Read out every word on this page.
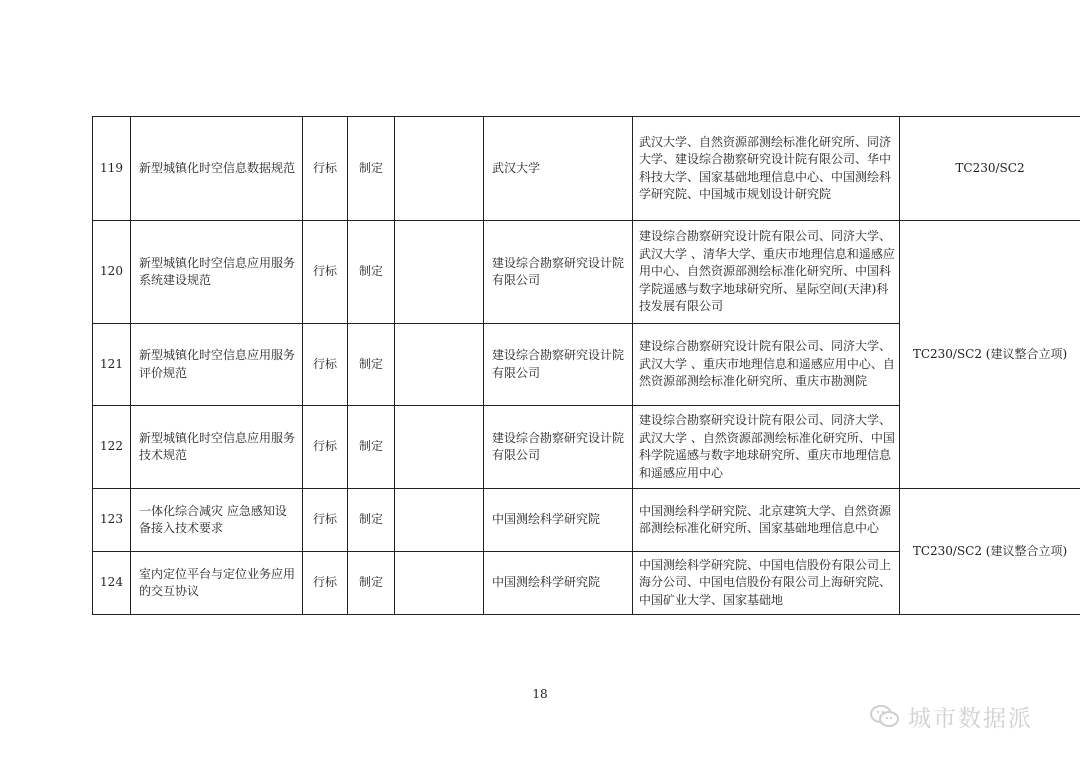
119	新型城镇化时空信息数据规范	行标	制定		武汉大学	武汉大学、自然资源部测绘标准化研究所、同济大学、建设综合勘察研究设计院有限公司、华中科技大学、国家基础地理信息中心、中国测绘科学研究院、中国城市规划设计研究院	TC230/SC2
120	新型城镇化时空信息应用服务系统建设规范	行标	制定		建设综合勘察研究设计院有限公司	建设综合勘察研究设计院有限公司、同济大学、武汉大学 、清华大学、重庆市地理信息和遥感应用中心、自然资源部测绘标准化研究所、中国科学院遥感与数字地球研究所、星际空间(天津)科技发展有限公司	TC230/SC2 (建议整合立项)
121	新型城镇化时空信息应用服务评价规范	行标	制定		建设综合勘察研究设计院有限公司	建设综合勘察研究设计院有限公司、同济大学、武汉大学 、重庆市地理信息和遥感应用中心、自然资源部测绘标准化研究所、重庆市勘测院	
122	新型城镇化时空信息应用服务技术规范	行标	制定		建设综合勘察研究设计院有限公司	建设综合勘察研究设计院有限公司、同济大学、武汉大学 、自然资源部测绘标准化研究所、中国科学院遥感与数字地球研究所、重庆市地理信息和遥感应用中心	
123	一体化综合减灾 应急感知设备接入技术要求	行标	制定		中国测绘科学研究院	中国测绘科学研究院、北京建筑大学、自然资源部测绘标准化研究所、国家基础地理信息中心	TC230/SC2 (建议整合立项)
124	室内定位平台与定位业务应用的交互协议	行标	制定		中国测绘科学研究院	中国测绘科学研究院、中国电信股份有限公司上海分公司、中国电信股份有限公司上海研究院、中国矿业大学、国家基础地	
18
城市数据派
